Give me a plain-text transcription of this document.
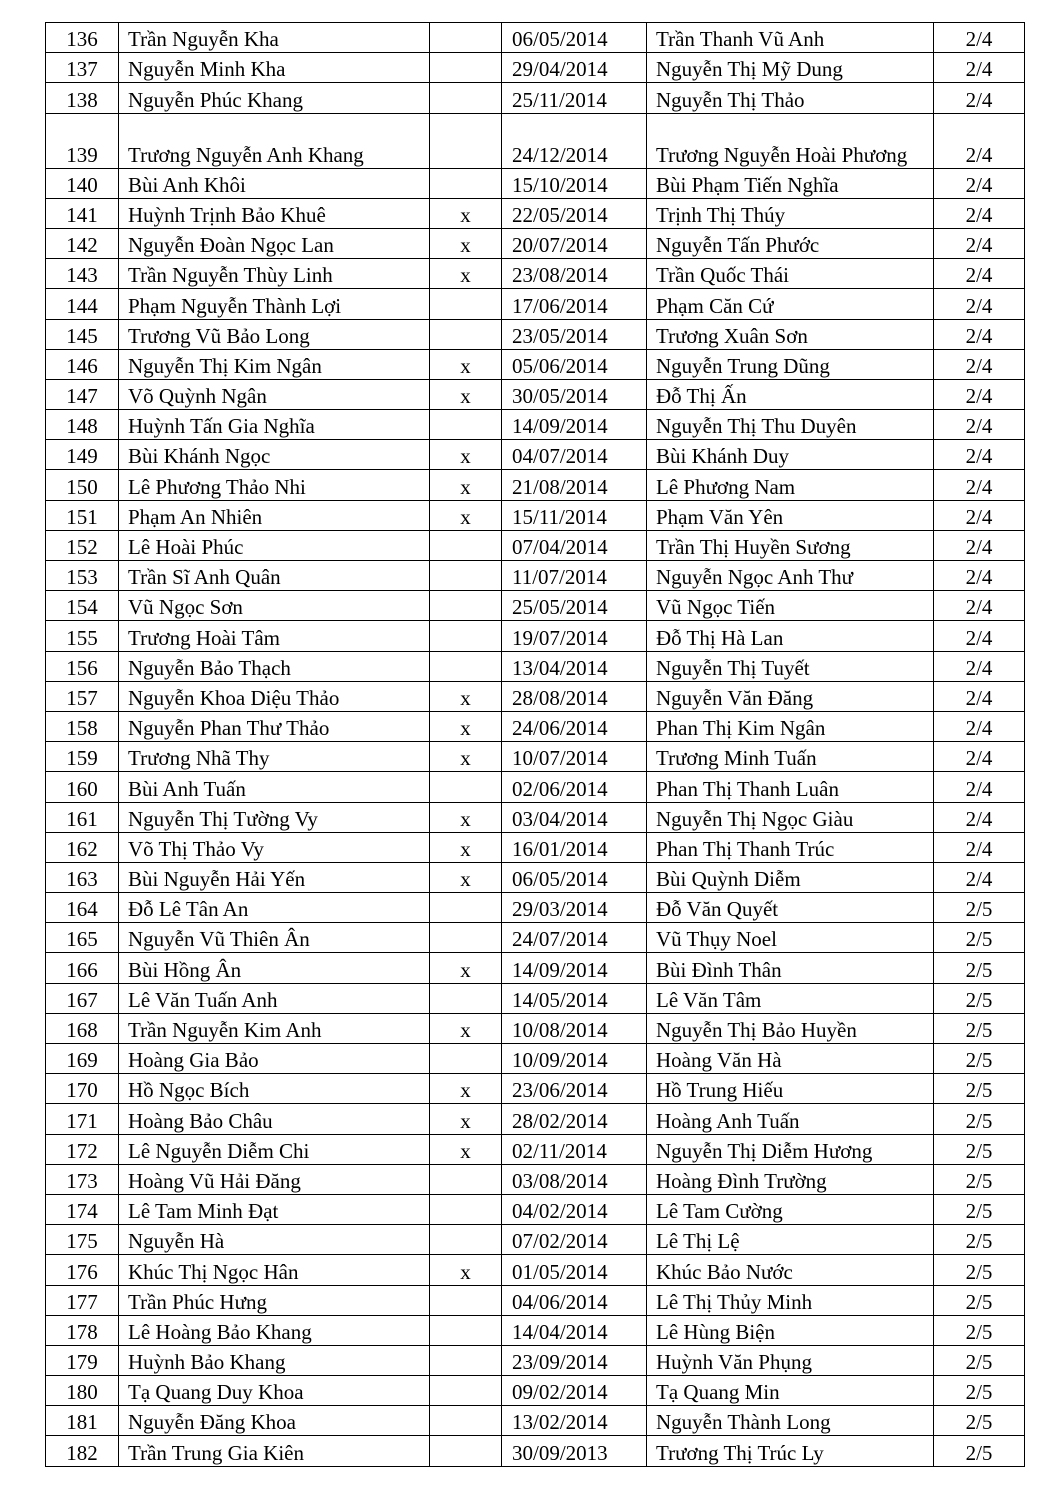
136	Trần Nguyễn Kha		06/05/2014	Trần Thanh Vũ Anh	2/4
137	Nguyễn Minh Kha		29/04/2014	Nguyễn Thị Mỹ Dung	2/4
138	Nguyễn Phúc Khang		25/11/2014	Nguyễn Thị Thảo	2/4
139	Trương Nguyễn Anh Khang		24/12/2014	Trương Nguyễn Hoài Phương	2/4
140	Bùi Anh Khôi		15/10/2014	Bùi Phạm Tiến Nghĩa	2/4
141	Huỳnh Trịnh Bảo Khuê	x	22/05/2014	Trịnh Thị Thúy	2/4
142	Nguyễn Đoàn Ngọc Lan	x	20/07/2014	Nguyễn Tấn Phước	2/4
143	Trần Nguyễn Thùy Linh	x	23/08/2014	Trần Quốc Thái	2/4
144	Phạm Nguyễn Thành Lợi		17/06/2014	Phạm Căn Cứ	2/4
145	Trương Vũ Bảo Long		23/05/2014	Trương Xuân Sơn	2/4
146	Nguyễn Thị Kim Ngân	x	05/06/2014	Nguyễn Trung Dũng	2/4
147	Võ Quỳnh Ngân	x	30/05/2014	Đỗ Thị Ấn	2/4
148	Huỳnh Tấn Gia Nghĩa		14/09/2014	Nguyễn Thị Thu Duyên	2/4
149	Bùi Khánh Ngọc	x	04/07/2014	Bùi Khánh Duy	2/4
150	Lê Phương Thảo Nhi	x	21/08/2014	Lê Phương Nam	2/4
151	Phạm An Nhiên	x	15/11/2014	Phạm Văn Yên	2/4
152	Lê Hoài Phúc		07/04/2014	Trần Thị Huyền Sương	2/4
153	Trần Sĩ Anh Quân		11/07/2014	Nguyễn Ngọc Anh Thư	2/4
154	Vũ Ngọc Sơn		25/05/2014	Vũ Ngọc Tiến	2/4
155	Trương Hoài Tâm		19/07/2014	Đỗ Thị Hà Lan	2/4
156	Nguyễn Bảo Thạch		13/04/2014	Nguyễn Thị Tuyết	2/4
157	Nguyễn Khoa Diệu Thảo	x	28/08/2014	Nguyễn Văn Đăng	2/4
158	Nguyễn Phan Thư Thảo	x	24/06/2014	Phan Thị Kim Ngân	2/4
159	Trương Nhã Thy	x	10/07/2014	Trương Minh Tuấn	2/4
160	Bùi Anh Tuấn		02/06/2014	Phan Thị Thanh Luân	2/4
161	Nguyễn Thị Tường Vy	x	03/04/2014	Nguyễn Thị Ngọc Giàu	2/4
162	Võ Thị Thảo Vy	x	16/01/2014	Phan Thị Thanh Trúc	2/4
163	Bùi Nguyễn Hải Yến	x	06/05/2014	Bùi Quỳnh Diễm	2/4
164	Đỗ Lê Tân An		29/03/2014	Đỗ Văn Quyết	2/5
165	Nguyễn Vũ Thiên Ân		24/07/2014	Vũ Thụy Noel	2/5
166	Bùi Hồng Ân	x	14/09/2014	Bùi Đình Thân	2/5
167	Lê Văn Tuấn Anh		14/05/2014	Lê Văn Tâm	2/5
168	Trần Nguyễn Kim Anh	x	10/08/2014	Nguyễn Thị Bảo Huyền	2/5
169	Hoàng Gia Bảo		10/09/2014	Hoàng Văn Hà	2/5
170	Hồ Ngọc Bích	x	23/06/2014	Hồ Trung Hiếu	2/5
171	Hoàng Bảo Châu	x	28/02/2014	Hoàng Anh Tuấn	2/5
172	Lê Nguyễn Diễm Chi	x	02/11/2014	Nguyễn Thị Diễm Hương	2/5
173	Hoàng Vũ Hải Đăng		03/08/2014	Hoàng Đình Trường	2/5
174	Lê Tam Minh Đạt		04/02/2014	Lê Tam Cường	2/5
175	Nguyễn Hà		07/02/2014	Lê Thị Lệ	2/5
176	Khúc Thị Ngọc Hân	x	01/05/2014	Khúc Bảo Nước	2/5
177	Trần Phúc Hưng		04/06/2014	Lê Thị Thủy Minh	2/5
178	Lê Hoàng Bảo Khang		14/04/2014	Lê Hùng Biện	2/5
179	Huỳnh Bảo Khang		23/09/2014	Huỳnh Văn Phụng	2/5
180	Tạ Quang Duy Khoa		09/02/2014	Tạ Quang Min	2/5
181	Nguyễn Đăng Khoa		13/02/2014	Nguyễn Thành Long	2/5
182	Trần Trung Gia Kiên		30/09/2013	Trương Thị Trúc Ly	2/5
